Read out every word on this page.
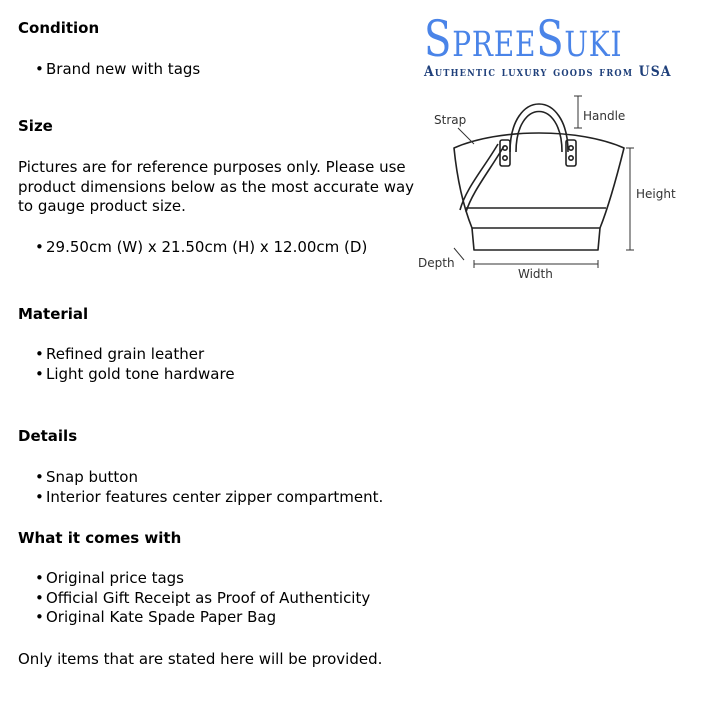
Condition
• Brand new with tags
Size
Pictures are for reference purposes only. Please use product dimensions below as the most accurate way to gauge product size.
• 29.50cm (W) x 21.50cm (H) x 12.00cm (D)
Material
• Refined grain leather
• Light gold tone hardware
Details
• Snap button
• Interior features center zipper compartment.
What it comes with
• Original price tags
• Official Gift Receipt as Proof of Authenticity
• Original Kate Spade Paper Bag
Only items that are stated here will be provided.
SpreeSuki
Authentic luxury goods from USA
Strap	Handle
Height
Depth
Width
